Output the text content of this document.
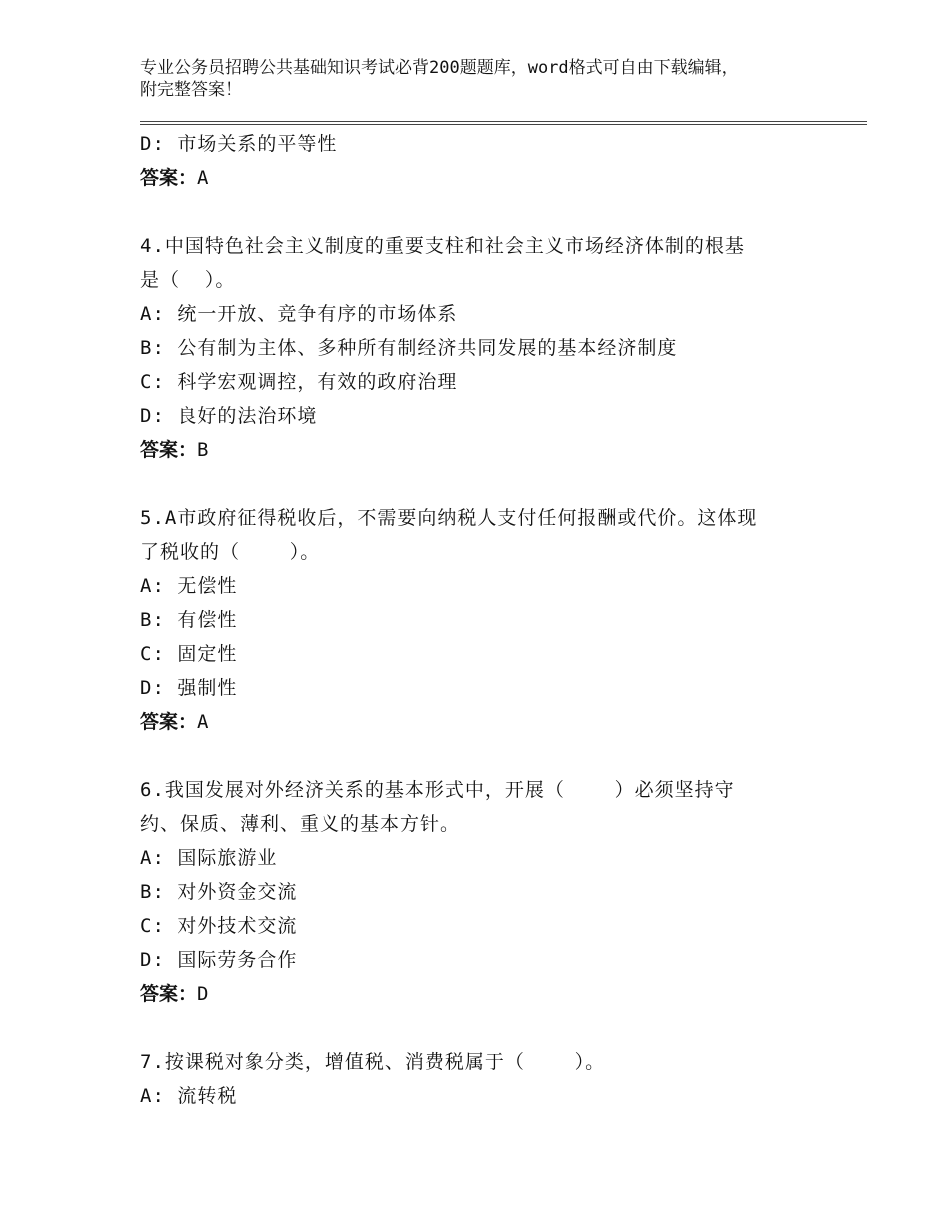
专业公务员招聘公共基础知识考试必背200题题库，word格式可自由下载编辑，
附完整答案！
D: 市场关系的平等性
答案：A
4.中国特色社会主义制度的重要支柱和社会主义市场经济体制的根基
是（  ）。
A: 统一开放、竞争有序的市场体系
B: 公有制为主体、多种所有制经济共同发展的基本经济制度
C: 科学宏观调控，有效的政府治理
D: 良好的法治环境
答案：B
5.A市政府征得税收后，不需要向纳税人支付任何报酬或代价。这体现
了税收的（    ）。
A: 无偿性
B: 有偿性
C: 固定性
D: 强制性
答案：A
6.我国发展对外经济关系的基本形式中，开展（    ）必须坚持守
约、保质、薄利、重义的基本方针。
A: 国际旅游业
B: 对外资金交流
C: 对外技术交流
D: 国际劳务合作
答案：D
7.按课税对象分类，增值税、消费税属于（    ）。
A: 流转税
